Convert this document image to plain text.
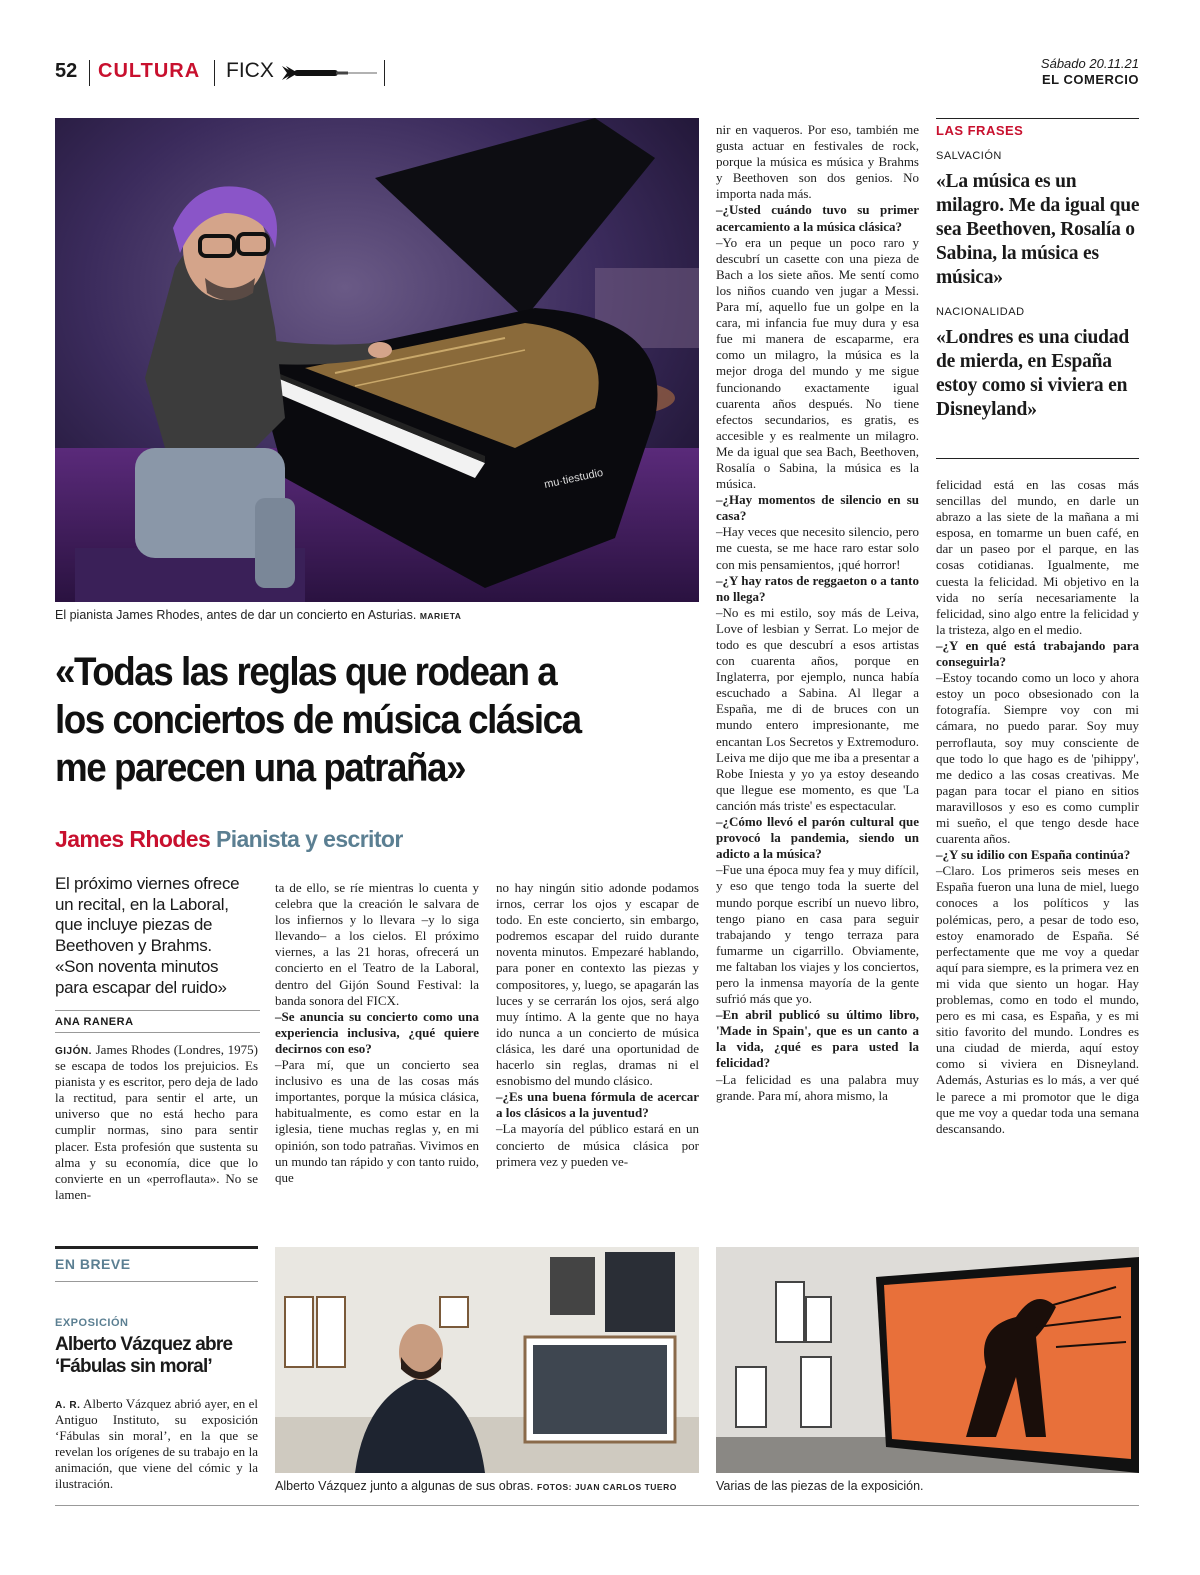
52 CULTURA FICX	Sábado 20.11.21
EL COMERCIO
mu·tiestudio
El pianista James Rhodes, antes de dar un concierto en Asturias. MARIETA
«Todas las reglas que rodean a
los conciertos de música clásica
me parecen una patraña»
James Rhodes Pianista y escritor
El próximo viernes ofrece
un recital, en la Laboral,
que incluye piezas de
Beethoven y Brahms.
«Son noventa minutos
para escapar del ruido»
ANA RANERA

GIJÓN. James Rhodes (Londres, 1975) se escapa de todos los prejuicios. Es pianista y es escritor, pero deja de lado la rectitud, para sentir el arte, un universo que no está hecho para cumplir normas, sino para sentir placer. Esta profesión que sustenta su alma y su economía, dice que lo convierte en un «perroflauta». No se lamen-

ta de ello, se ríe mientras lo cuenta y celebra que la creación le salvara de los infiernos y lo llevara –y lo siga llevando– a los cielos. El próximo viernes, a las 21 horas, ofrecerá un concierto en el Teatro de la Laboral, dentro del Gijón Sound Festival: la banda sonora del FICX.

–Se anuncia su concierto como una experiencia inclusiva, ¿qué quiere decirnos con eso?

–Para mí, que un concierto sea inclusivo es una de las cosas más importantes, porque la música clásica, habitualmente, es como estar en la iglesia, tiene muchas reglas y, en mi opinión, son todo patrañas. Vivimos en un mundo tan rápido y con tanto ruido, que

no hay ningún sitio adonde podamos irnos, cerrar los ojos y escapar de todo. En este concierto, sin embargo, podremos escapar del ruido durante noventa minutos. Empezaré hablando, para poner en contexto las piezas y compositores, y, luego, se apagarán las luces y se cerrarán los ojos, será algo muy íntimo. A la gente que no haya ido nunca a un concierto de música clásica, les daré una oportunidad de hacerlo sin reglas, dramas ni el esnobismo del mundo clásico.

–¿Es una buena fórmula de acercar a los clásicos a la juventud?

–La mayoría del público estará en un concierto de música clásica por primera vez y pueden ve-

nir en vaqueros. Por eso, también me gusta actuar en festivales de rock, porque la música es música y Brahms y Beethoven son dos genios. No importa nada más.

–¿Usted cuándo tuvo su primer acercamiento a la música clásica?

–Yo era un peque un poco raro y descubrí un casette con una pieza de Bach a los siete años. Me sentí como los niños cuando ven jugar a Messi. Para mí, aquello fue un golpe en la cara, mi infancia fue muy dura y esa fue mi manera de escaparme, era como un milagro, la música es la mejor droga del mundo y me sigue funcionando exactamente igual cuarenta años después. No tiene efectos secundarios, es gratis, es accesible y es realmente un milagro. Me da igual que sea Bach, Beethoven, Rosalía o Sabina, la música es la música.

–¿Hay momentos de silencio en su casa?

–Hay veces que necesito silencio, pero me cuesta, se me hace raro estar solo con mis pensamientos, ¡qué horror!

–¿Y hay ratos de reggaeton o a tanto no llega?

–No es mi estilo, soy más de Leiva, Love of lesbian y Serrat. Lo mejor de todo es que descubrí a esos artistas con cuarenta años, porque en Inglaterra, por ejemplo, nunca había escuchado a Sabina. Al llegar a España, me di de bruces con un mundo entero impresionante, me encantan Los Secretos y Extremoduro. Leiva me dijo que me iba a presentar a Robe Iniesta y yo ya estoy deseando que llegue ese momento, es que 'La canción más triste' es espectacular.

–¿Cómo llevó el parón cultural que provocó la pandemia, siendo un adicto a la música?

–Fue una época muy fea y muy difícil, y eso que tengo toda la suerte del mundo porque escribí un nuevo libro, tengo piano en casa para seguir trabajando y tengo terraza para fumarme un cigarrillo. Obviamente, me faltaban los viajes y los conciertos, pero la inmensa mayoría de la gente sufrió más que yo.

–En abril publicó su último libro, 'Made in Spain', que es un canto a la vida, ¿qué es para usted la felicidad?

–La felicidad es una palabra muy grande. Para mí, ahora mismo, la

felicidad está en las cosas más sencillas del mundo, en darle un abrazo a las siete de la mañana a mi esposa, en tomarme un buen café, en dar un paseo por el parque, en las cosas cotidianas. Igualmente, me cuesta la felicidad. Mi objetivo en la vida no sería necesariamente la felicidad, sino algo entre la felicidad y la tristeza, algo en el medio.

–¿Y en qué está trabajando para conseguirla?

–Estoy tocando como un loco y ahora estoy un poco obsesionado con la fotografía. Siempre voy con mi cámara, no puedo parar. Soy muy perroflauta, soy muy consciente de que todo lo que hago es de 'pihippy', me dedico a las cosas creativas. Me pagan para tocar el piano en sitios maravillosos y eso es como cumplir mi sueño, el que tengo desde hace cuarenta años.

–¿Y su idilio con España continúa?

–Claro. Los primeros seis meses en España fueron una luna de miel, luego conoces a los políticos y las polémicas, pero, a pesar de todo eso, estoy enamorado de España. Sé perfectamente que me voy a quedar aquí para siempre, es la primera vez en mi vida que siento un hogar. Hay problemas, como en todo el mundo, pero es mi casa, es España, y es mi sitio favorito del mundo. Londres es una ciudad de mierda, aquí estoy como si viviera en Disneyland. Además, Asturias es lo más, a ver qué le parece a mi promotor que le diga que me voy a quedar toda una semana descansando.

LAS FRASES
SALVACIÓN
«La música es un milagro. Me da igual que sea Beethoven, Rosalía o Sabina, la música es música»
NACIONALIDAD
«Londres es una ciudad de mierda, en España estoy como si viviera en Disneyland»
EN BREVE
EXPOSICIÓN
Alberto Vázquez abre
‘Fábulas sin moral’

A. R. Alberto Vázquez abrió ayer, en el Antiguo Instituto, su exposición ‘Fábulas sin moral’, en la que se revelan los orígenes de su trabajo en la animación, que viene del cómic y la ilustración.	Alberto Vázquez junto a algunas de sus obras. FOTOS: JUAN CARLOS TUERO	Varias de las piezas de la exposición.
